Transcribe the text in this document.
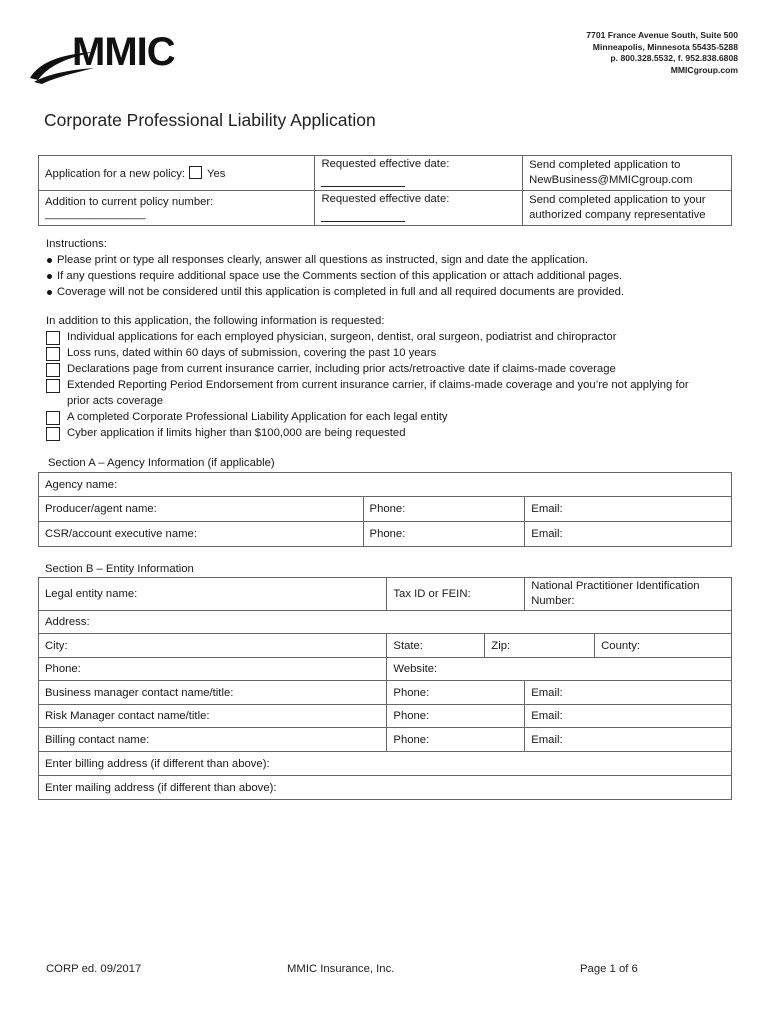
MMIC	7701 France Avenue South, Suite 500
Minneapolis, Minnesota 55435-5288
p. 800.328.5532, f. 952.838.6808
MMICgroup.com
Corporate Professional Liability Application
Application for a new policy: Yes	Requested effective date:	Send completed application to
NewBusiness@MMICgroup.com

Addition to current policy number: ________________	Requested effective date:	Send completed application to your
authorized company representative
Instructions:
Please print or type all responses clearly, answer all questions as instructed, sign and date the application.
If any questions require additional space use the Comments section of this application or attach additional pages.
Coverage will not be considered until this application is completed in full and all required documents are provided.
In addition to this application, the following information is requested:
Individual applications for each employed physician, surgeon, dentist, oral surgeon, podiatrist and chiropractor
Loss runs, dated within 60 days of submission, covering the past 10 years
Declarations page from current insurance carrier, including prior acts/retroactive date if claims-made coverage
Extended Reporting Period Endorsement from current insurance carrier, if claims-made coverage and you’re not applying for prior acts coverage
A completed Corporate Professional Liability Application for each legal entity
Cyber application if limits higher than $100,000 are being requested
Section A – Agency Information (if applicable)
Agency name:		
Producer/agent name:	Phone:	Email:
CSR/account executive name:	Phone:	Email:
Section B – Entity Information
Legal entity name:	Tax ID or FEIN:		National Practitioner Identification
Number:	

Address:				
City:	State:	Zip:		County:
Phone:	Website:			
Business manager contact name/title:	Phone:		Email:	
Risk Manager contact name/title:	Phone:		Email:	
Billing contact name:	Phone:		Email:	
Enter billing address (if different than above):				
Enter mailing address (if different than above):				
CORP ed. 09/2017	MMIC Insurance, Inc.	Page 1 of 6
